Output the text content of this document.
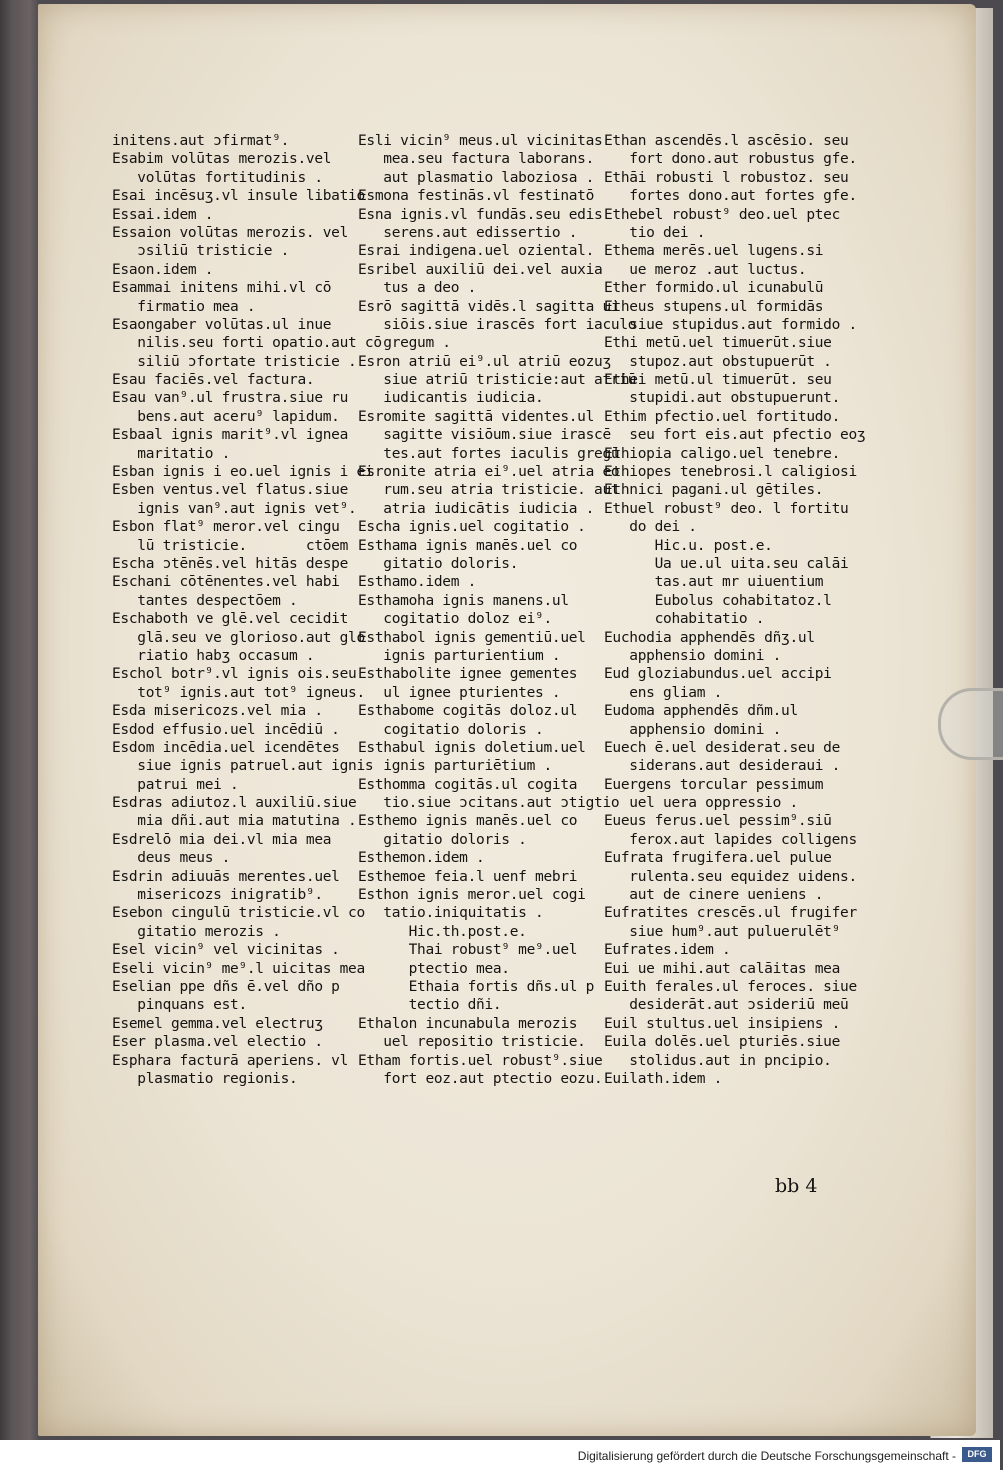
initens.aut ɔfirmat⁹.
Esabim volūtas merozis.vel
volūtas fortitudinis .
Esai incēsuʒ.vl insule libatio
Essai.idem .
Essaion volūtas merozis. vel
ɔsiliū tristicie .
Esaon.idem .
Esammai initens mihi.vl cō
firmatio mea .
Esaongaber volūtas.ul inue
nilis.seu forti opatio.aut cō
siliū ɔfortate tristicie .
Esau faciēs.vel factura.
Esau van⁹.ul frustra.siue ru
bens.aut aceru⁹ lapidum.
Esbaal ignis marit⁹.vl ignea
maritatio .
Esban ignis i eo.uel ignis i ei
Esben ventus.vel flatus.siue
ignis van⁹.aut ignis vet⁹.
Esbon flat⁹ meror.vel cingu
lū tristicie.       ctōem
Escha ɔtēnēs.vel hitās despe
Eschani cōtēnentes.vel habi
tantes despectōem .
Eschaboth ve glē.vel cecidit
glā.seu ve glorioso.aut glo
riatio habʒ occasum .
Eschol botr⁹.vl ignis ois.seu
tot⁹ ignis.aut tot⁹ igneus.
Esda misericozs.vel mia .
Esdod effusio.uel incēdiū .
Esdom incēdia.uel icendētes
siue ignis patruel.aut ignis
patrui mei .
Esdras adiutoz.l auxiliū.siue
mia dñi.aut mia matutina .
Esdrelō mia dei.vl mia mea
deus meus .
Esdrin adiuuās merentes.uel
misericozs inigratib⁹.
Esebon cingulū tristicie.vl co
gitatio merozis .
Esel vicin⁹ vel vicinitas .
Eseli vicin⁹ me⁹.l uicitas mea
Eselian ppe dñs ē.vel dño p
pinquans est.
Esemel gemma.vel electruʒ
Eser plasma.vel electio .
Esphara facturā aperiens. vl
plasmatio regionis.
Esli vicin⁹ meus.ul vicinitas
mea.seu factura laborans.
aut plasmatio laboziosa .
Esmona festinās.vl festinatō
Esna ignis.vl fundās.seu edis
serens.aut edissertio .
Esrai indigena.uel oziental.
Esribel auxiliū dei.vel auxia
tus a deo .
Esrō sagittā vidēs.l sagitta ui
siōis.siue irascēs fort iaculo
gregum .
Esron atriū ei⁹.ul atriū eozuʒ
siue atriū tristicie:aut atriū
iudicantis iudicia.
Esromite sagittā videntes.ul
sagitte visiōum.siue irascē
tes.aut fortes iaculis gregū
Esronite atria ei⁹.uel atria eo
rum.seu atria tristicie. aut
atria iudicātis iudicia .
Escha ignis.uel cogitatio .
Esthama ignis manēs.uel co
gitatio doloris.
Esthamo.idem .
Esthamoha ignis manens.ul
cogitatio doloz ei⁹.
Esthabol ignis gementiū.uel
ignis parturientium .
Esthabolite ignee gementes
ul ignee pturientes .
Esthabome cogitās doloz.ul
cogitatio doloris .
Esthabul ignis doletium.uel
ignis parturiētium .
Esthomma cogitās.ul cogita
tio.siue ɔcitans.aut ɔtigtio
Esthemo ignis manēs.uel co
gitatio doloris .
Esthemon.idem .
Esthemoe feia.l uenf mebri
Esthon ignis meror.uel cogi
tatio.iniquitatis .
Hic.th.post.e.
Thai robust⁹ me⁹.uel
ptectio mea.
Ethaia fortis dñs.ul p
tectio dñi.
Ethalon incunabula merozis
uel repositio tristicie.
Etham fortis.uel robust⁹.siue
fort eoz.aut ptectio eozu.
Ethan ascendēs.l ascēsio. seu
fort dono.aut robustus gfe.
Ethāi robusti l robustoz. seu
fortes dono.aut fortes gfe.
Ethebel robust⁹ deo.uel ptec
tio dei .
Ethema merēs.uel lugens.si
ue meroz .aut luctus.
Ether formido.ul icunabulū
Etheus stupens.ul formidās
siue stupidus.aut formido .
Ethi metū.uel timuerūt.siue
stupoz.aut obstupuerūt .
Ethei metū.ul timuerūt. seu
stupidi.aut obstupuerunt.
Ethim pfectio.uel fortitudo.
seu fort eis.aut pfectio eoʒ
Ethiopia caligo.uel tenebre.
Ethiopes tenebrosi.l caligiosi
Ethnici pagani.ul gētiles.
Ethuel robust⁹ deo. l fortitu
do dei .
Hic.u. post.e.
Ua ue.ul uita.seu calāi
tas.aut mr uiuentium
Eubolus cohabitatoz.l
cohabitatio .
Euchodia apphendēs dñʒ.ul
apphensio domini .
Eud gloziabundus.uel accipi
ens gliam .
Eudoma apphendēs dñm.ul
apphensio domini .
Euech ē.uel desiderat.seu de
siderans.aut desideraui .
Euergens torcular pessimum
uel uera oppressio .
Eueus ferus.uel pessim⁹.siū
ferox.aut lapides colligens
Eufrata frugifera.uel pulue
rulenta.seu equidez uidens.
aut de cinere ueniens .
Eufratites crescēs.ul frugifer
siue hum⁹.aut puluerulēt⁹
Eufrates.idem .
Eui ue mihi.aut calāitas mea
Euith ferales.ul feroces. siue
desiderāt.aut ɔsideriū meū
Euil stultus.uel insipiens .
Euila dolēs.uel pturiēs.siue
stolidus.aut in pncipio.
Euilath.idem .
bb 4
Digitalisierung gefördert durch die Deutsche Forschungsgemeinschaft -	DFG
